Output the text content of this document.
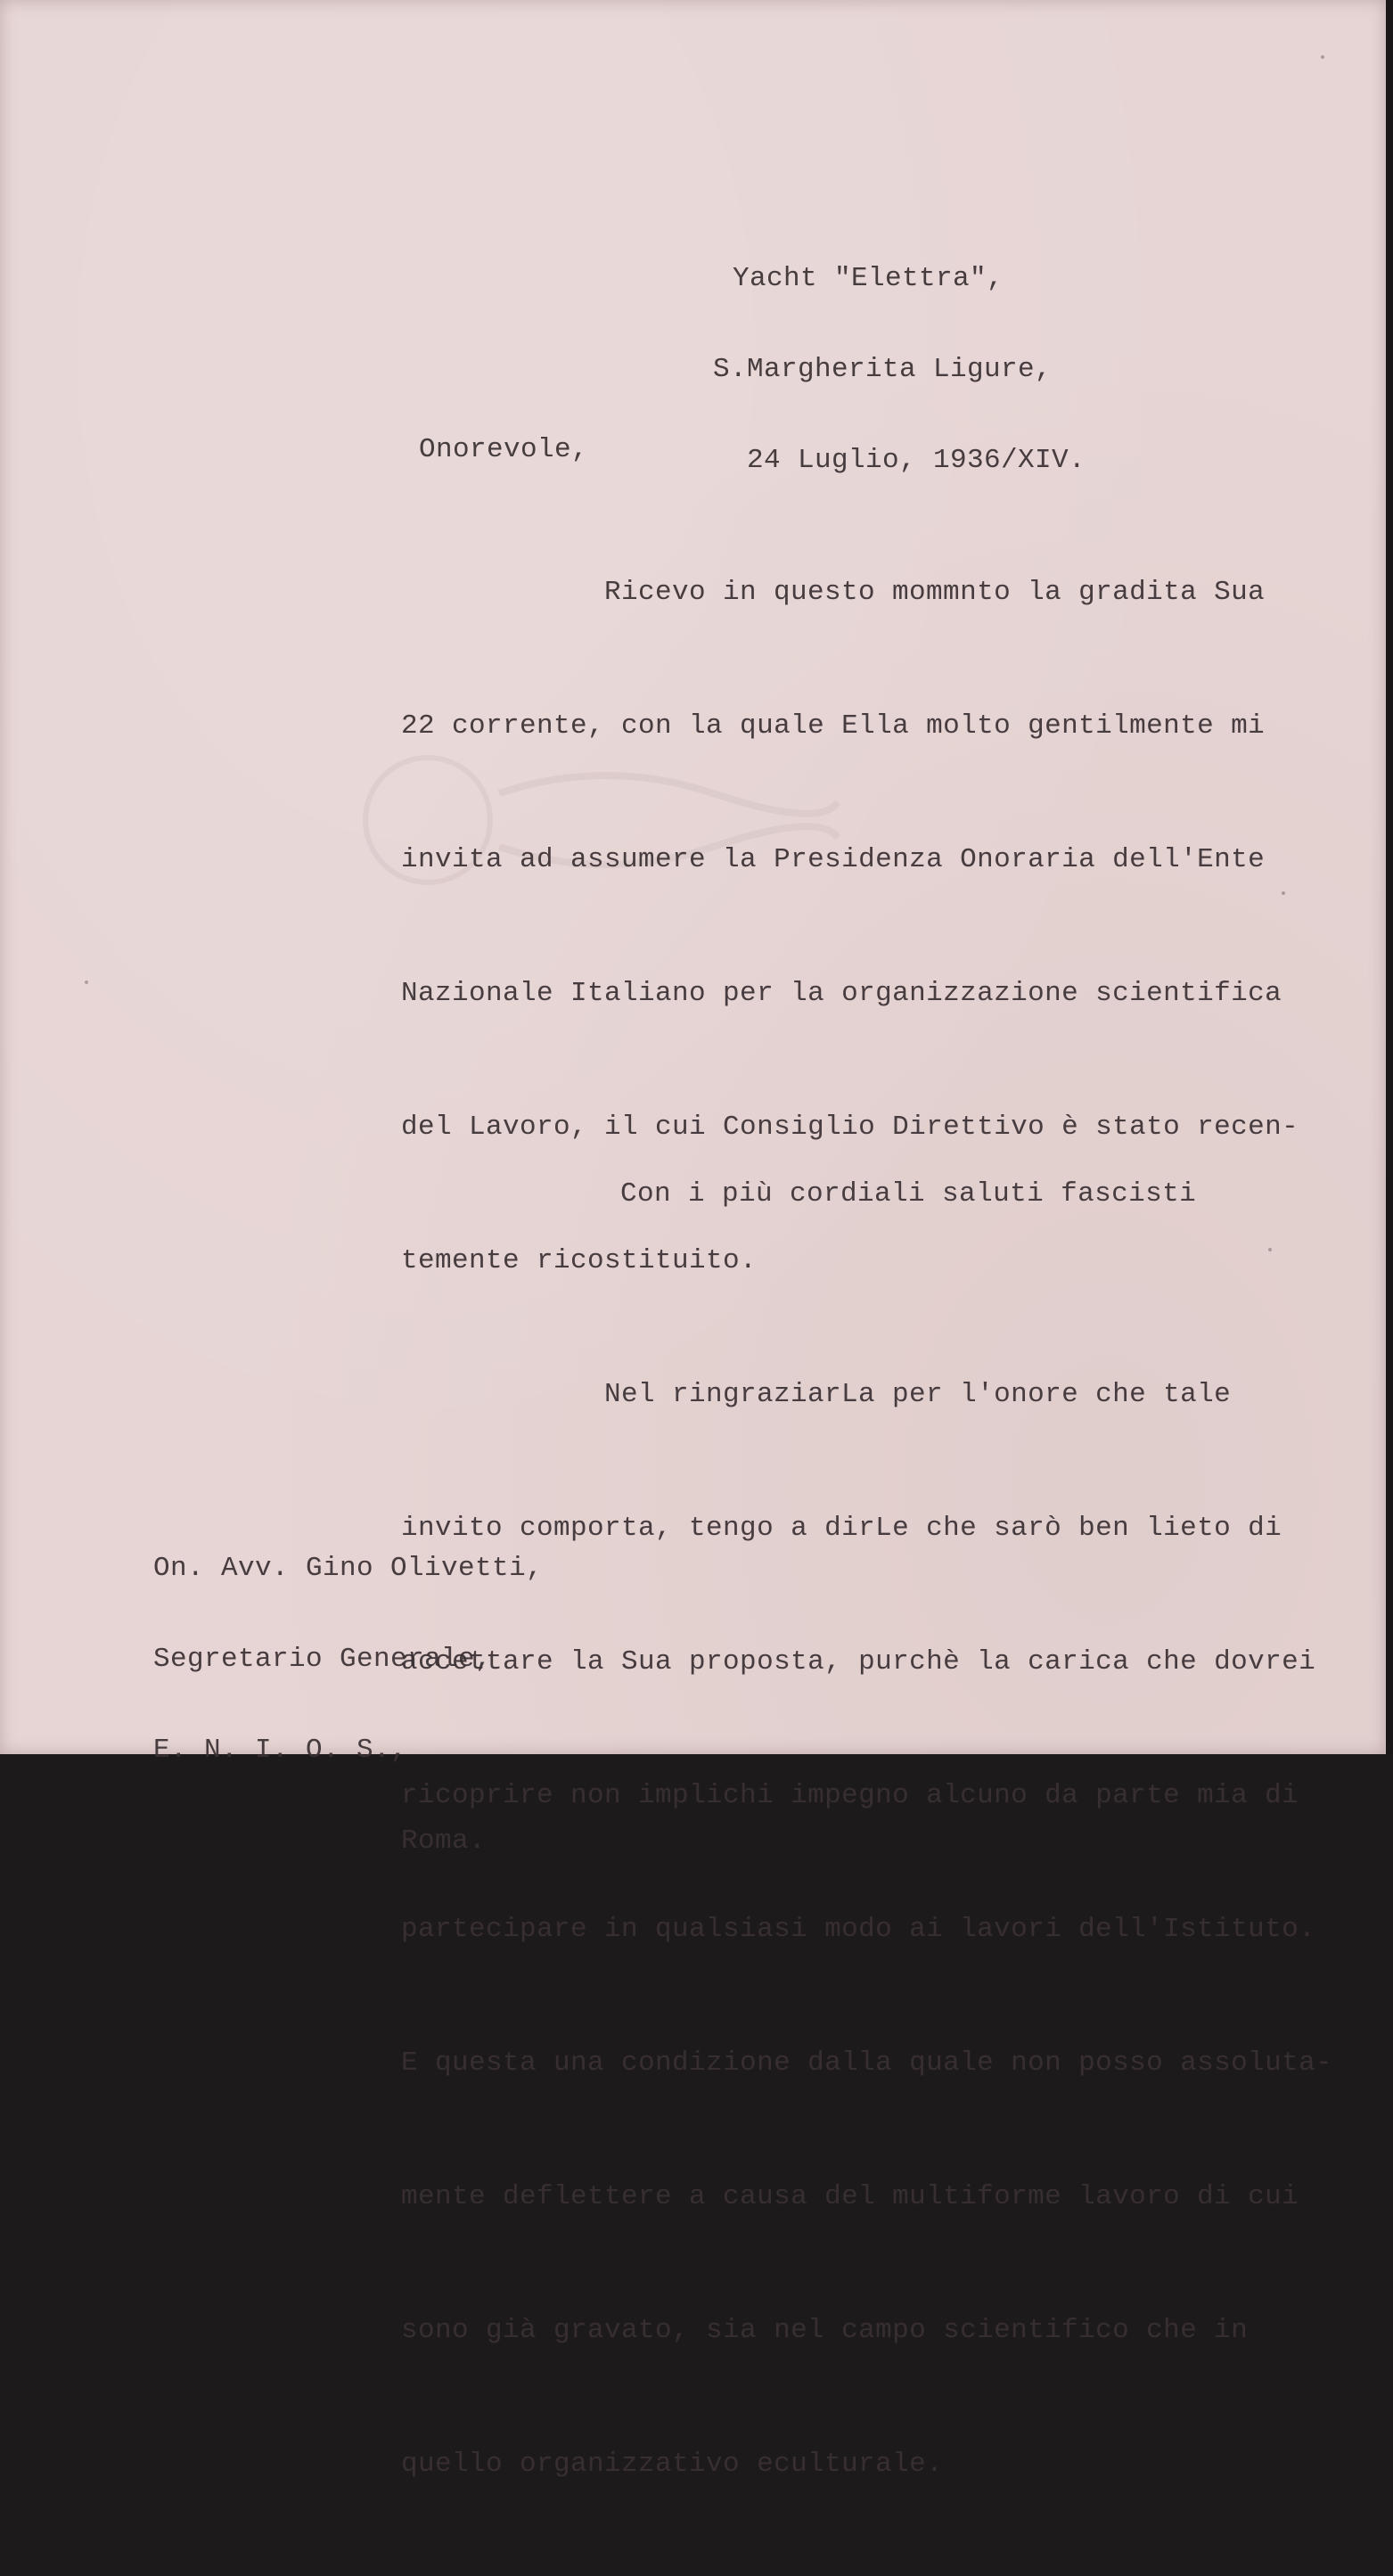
Yacht "Elettra",

S.Margherita Ligure,

24 Luglio, 1936/XIV.

Onorevole,

Ricevo in questo mommnto la gradita Sua

22 corrente, con la quale Ella molto gentilmente mi

invita ad assumere la Presidenza Onoraria dell'Ente

Nazionale Italiano per la organizzazione scientifica

del Lavoro, il cui Consiglio Direttivo è stato recen-

temente ricostituito.

Nel ringraziarLa per l'onore che tale

invito comporta, tengo a dirLe che sarò ben lieto di

accettare la Sua proposta, purchè la carica che dovrei

ricoprire non implichi impegno alcuno da parte mia di

partecipare in qualsiasi modo ai lavori dell'Istituto.

E questa una condizione dalla quale non posso assoluta-

mente deflettere a causa del multiforme lavoro di cui

sono già gravato, sia nel campo scientifico che in

quello organizzativo eculturale.

Con i più cordiali saluti fascisti

On. Avv. Gino Olivetti,

Segretario Generale,

E. N. I. O. S.,

Roma.
